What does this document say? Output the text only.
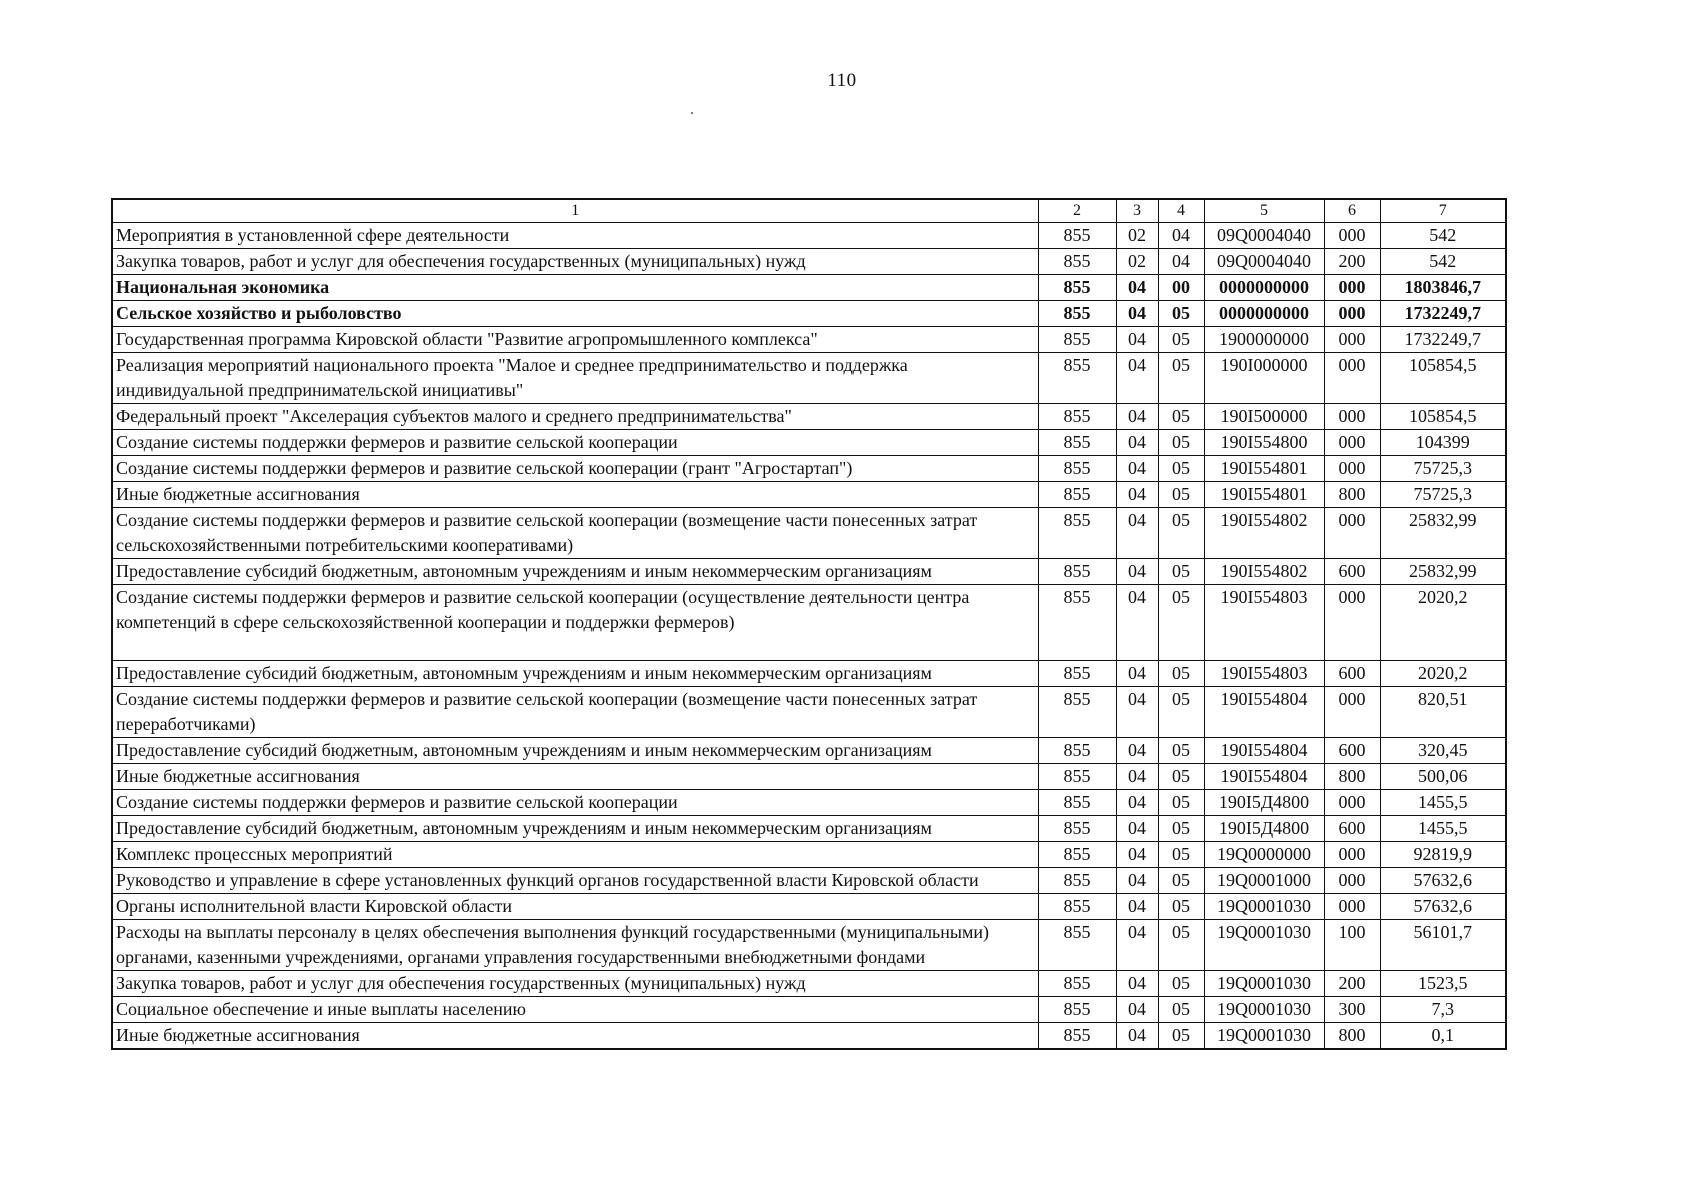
110
1	2	3	4	5	6	7
Мероприятия в установленной сфере деятельности	855	02	04	09Q0004040	000	542
Закупка товаров, работ и услуг для обеспечения государственных (муниципальных) нужд	855	02	04	09Q0004040	200	542
Национальная экономика	855	04	00	0000000000	000	1803846,7
Сельское хозяйство и рыболовство	855	04	05	0000000000	000	1732249,7
Государственная программа Кировской области "Развитие агропромышленного комплекса"	855	04	05	1900000000	000	1732249,7
Реализация мероприятий национального проекта "Малое и среднее предпринимательство и поддержка индивидуальной предпринимательской инициативы"	855	04	05	190I000000	000	105854,5
Федеральный проект "Акселерация субъектов малого и среднего предпринимательства"	855	04	05	190I500000	000	105854,5
Создание системы поддержки фермеров и развитие сельской кооперации	855	04	05	190I554800	000	104399
Создание системы поддержки фермеров и развитие сельской кооперации (грант "Агростартап")	855	04	05	190I554801	000	75725,3
Иные бюджетные ассигнования	855	04	05	190I554801	800	75725,3
Создание системы поддержки фермеров и развитие сельской кооперации (возмещение части понесенных затрат сельскохозяйственными потребительскими кооперативами)	855	04	05	190I554802	000	25832,99
Предоставление субсидий бюджетным, автономным учреждениям и иным некоммерческим организациям	855	04	05	190I554802	600	25832,99
Создание системы поддержки фермеров и развитие сельской кооперации (осуществление деятельности центра компетенций в сфере сельскохозяйственной кооперации и поддержки фермеров)	855	04	05	190I554803	000	2020,2
Предоставление субсидий бюджетным, автономным учреждениям и иным некоммерческим организациям	855	04	05	190I554803	600	2020,2
Создание системы поддержки фермеров и развитие сельской кооперации (возмещение части понесенных затрат переработчиками)	855	04	05	190I554804	000	820,51
Предоставление субсидий бюджетным, автономным учреждениям и иным некоммерческим организациям	855	04	05	190I554804	600	320,45
Иные бюджетные ассигнования	855	04	05	190I554804	800	500,06
Создание системы поддержки фермеров и развитие сельской кооперации	855	04	05	190I5Д4800	000	1455,5
Предоставление субсидий бюджетным, автономным учреждениям и иным некоммерческим организациям	855	04	05	190I5Д4800	600	1455,5
Комплекс процессных мероприятий	855	04	05	19Q0000000	000	92819,9
Руководство и управление в сфере установленных функций органов государственной власти Кировской области	855	04	05	19Q0001000	000	57632,6
Органы исполнительной власти Кировской области	855	04	05	19Q0001030	000	57632,6
Расходы на выплаты персоналу в целях обеспечения выполнения функций государственными (муниципальными) органами, казенными учреждениями, органами управления государственными внебюджетными фондами	855	04	05	19Q0001030	100	56101,7
Закупка товаров, работ и услуг для обеспечения государственных (муниципальных) нужд	855	04	05	19Q0001030	200	1523,5
Социальное обеспечение и иные выплаты населению	855	04	05	19Q0001030	300	7,3
Иные бюджетные ассигнования	855	04	05	19Q0001030	800	0,1
